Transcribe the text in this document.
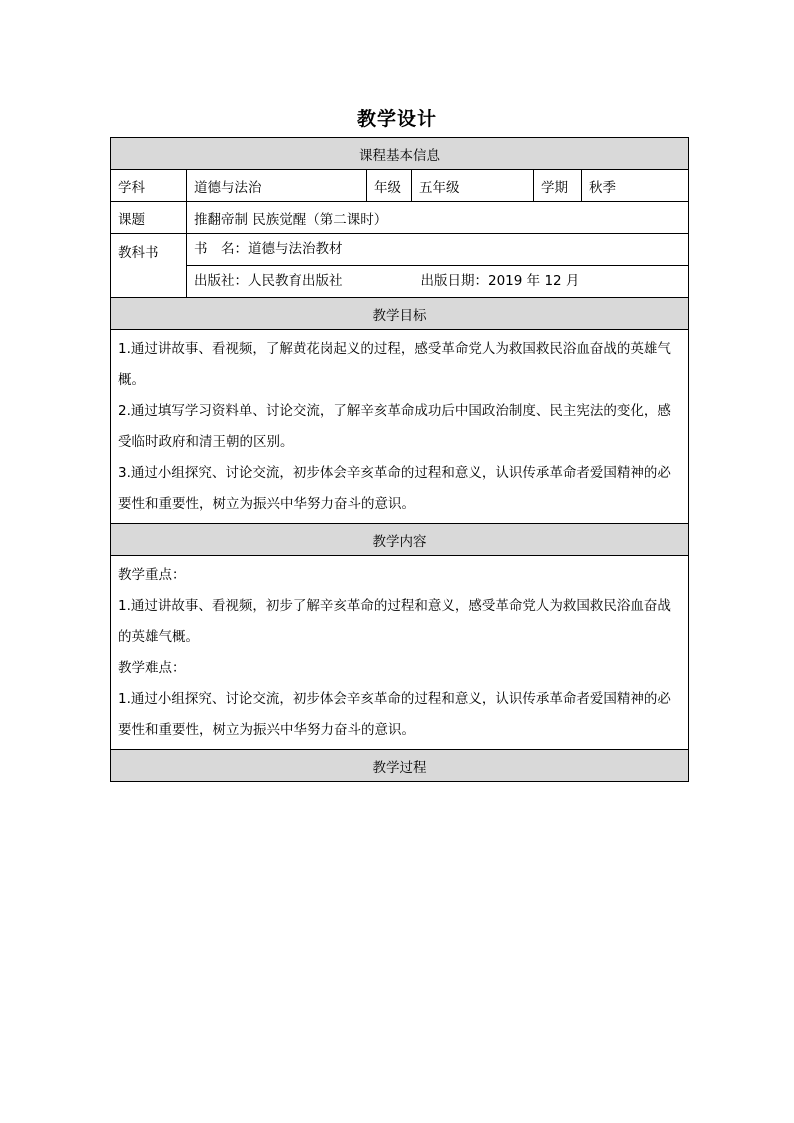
教学设计
课程基本信息					
学科	道德与法治	年级	五年级	学期	秋季
课题	推翻帝制 民族觉醒（第二课时）				
教科书	书　名：道德与法治教材
出版社：人民教育出版社 出版日期：2019 年 12 月				

教学目标					

1.通过讲故事、看视频，了解黄花岗起义的过程，感受革命党人为救国救民浴血奋战的英雄气概。

2.通过填写学习资料单、讨论交流，了解辛亥革命成功后中国政治制度、民主宪法的变化，感受临时政府和清王朝的区别。

3.通过小组探究、讨论交流，初步体会辛亥革命的过程和意义，认识传承革命者爱国精神的必要性和重要性，树立为振兴中华努力奋斗的意识。					

教学内容					

教学重点：

1.通过讲故事、看视频，初步了解辛亥革命的过程和意义，感受革命党人为救国救民浴血奋战的英雄气概。

教学难点：

1.通过小组探究、讨论交流，初步体会辛亥革命的过程和意义，认识传承革命者爱国精神的必要性和重要性，树立为振兴中华努力奋斗的意识。					

教学过程					
